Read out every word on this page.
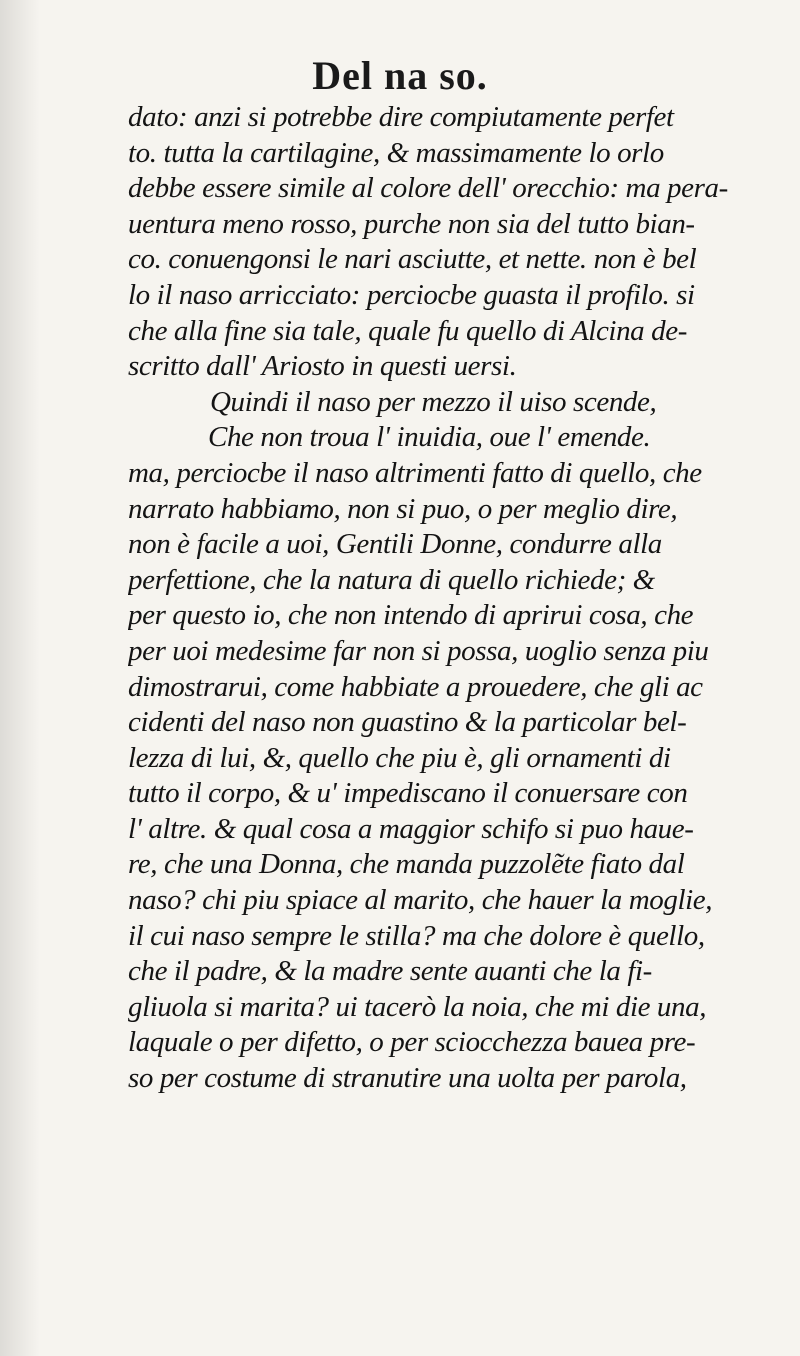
Del na so.
dato: anzi si potrebbe dire compiutamente perfet
to. tutta la cartilagine, & massimamente lo orlo
debbe essere simile al colore dell' orecchio: ma pera-
uentura meno rosso, purche non sia del tutto bian-
co. conuengonsi le nari asciutte, et nette. non è bel
lo il naso arricciato: perciocbe guasta il profilo. si
che alla fine sia tale, quale fu quello di Alcina de-
scritto dall' Ariosto in questi uersi.
Quindi il naso per mezzo il uiso scende,
Che non troua l' inuidia, oue l' emende.
ma, perciocbe il naso altrimenti fatto di quello, che
narrato habbiamo, non si puo, o per meglio dire,
non è facile a uoi, Gentili Donne, condurre alla
perfettione, che la natura di quello richiede; &
per questo io, che non intendo di aprirui cosa, che
per uoi medesime far non si possa, uoglio senza piu
dimostrarui, come habbiate a prouedere, che gli ac
cidenti del naso non guastino & la particolar bel-
lezza di lui, &, quello che piu è, gli ornamenti di
tutto il corpo, & u' impediscano il conuersare con
l' altre. & qual cosa a maggior schifo si puo haue-
re, che una Donna, che manda puzzolẽte fiato dal
naso? chi piu spiace al marito, che hauer la moglie,
il cui naso sempre le stilla? ma che dolore è quello,
che il padre, & la madre sente auanti che la fi-
gliuola si marita? ui tacerò la noia, che mi die una,
laquale o per difetto, o per sciocchezza bauea pre-
so per costume di stranutire una uolta per parola,
